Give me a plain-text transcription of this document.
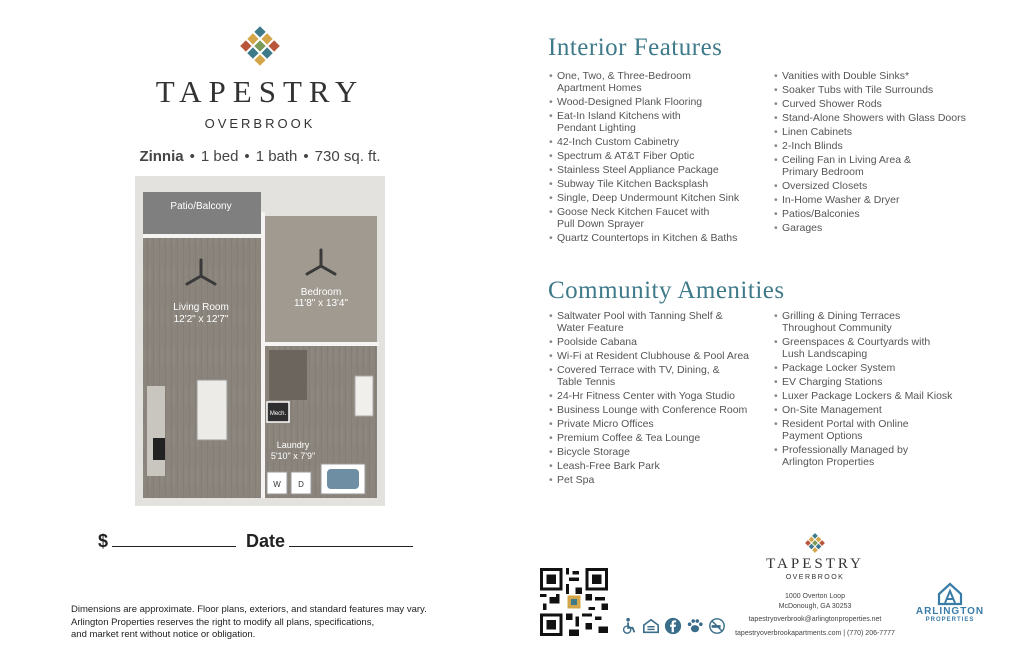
TAPESTRY
OVERBROOK
Zinnia • 1 bed • 1 bath • 730 sq. ft.
Patio/Balcony
Living Room
12'2" x 12'7"
Bedroom
11'8" x 13'4"
Mech.
Laundry
5'10" x 7'9"
W D
$	Date
Dimensions are approximate. Floor plans, exteriors, and standard features may vary.
Arlington Properties reserves the right to modify all plans, specifications,
and market rent without notice or obligation.
Interior Features
• One, Two, & Three-Bedroom
Apartment Homes
• Wood-Designed Plank Flooring
• Eat-In Island Kitchens with
Pendant Lighting
• 42-Inch Custom Cabinetry
• Spectrum & AT&T Fiber Optic
• Stainless Steel Appliance Package
• Subway Tile Kitchen Backsplash
• Single, Deep Undermount Kitchen Sink
• Goose Neck Kitchen Faucet with
Pull Down Sprayer
• Quartz Countertops in Kitchen & Baths
• Vanities with Double Sinks*
• Soaker Tubs with Tile Surrounds
• Curved Shower Rods
• Stand-Alone Showers with Glass Doors
• Linen Cabinets
• 2-Inch Blinds
• Ceiling Fan in Living Area &
Primary Bedroom
• Oversized Closets
• In-Home Washer & Dryer
• Patios/Balconies
• Garages
Community Amenities
• Saltwater Pool with Tanning Shelf &
Water Feature
• Poolside Cabana
• Wi-Fi at Resident Clubhouse & Pool Area
• Covered Terrace with TV, Dining, &
Table Tennis
• 24-Hr Fitness Center with Yoga Studio
• Business Lounge with Conference Room
• Private Micro Offices
• Premium Coffee & Tea Lounge
• Bicycle Storage
• Leash-Free Bark Park
• Pet Spa
• Grilling & Dining Terraces
Throughout Community
• Greenspaces & Courtyards with
Lush Landscaping
• Package Locker System
• EV Charging Stations
• Luxer Package Lockers & Mail Kiosk
• On-Site Management
• Resident Portal with Online
Payment Options
• Professionally Managed by
Arlington Properties
TAPESTRY
OVERBROOK
1000 Overton Loop
McDonough, GA 30253
tapestryoverbrook@arlingtonproperties.net
tapestryoverbrookapartments.com | (770) 206-7777
ARLINGTON
PROPERTIES
